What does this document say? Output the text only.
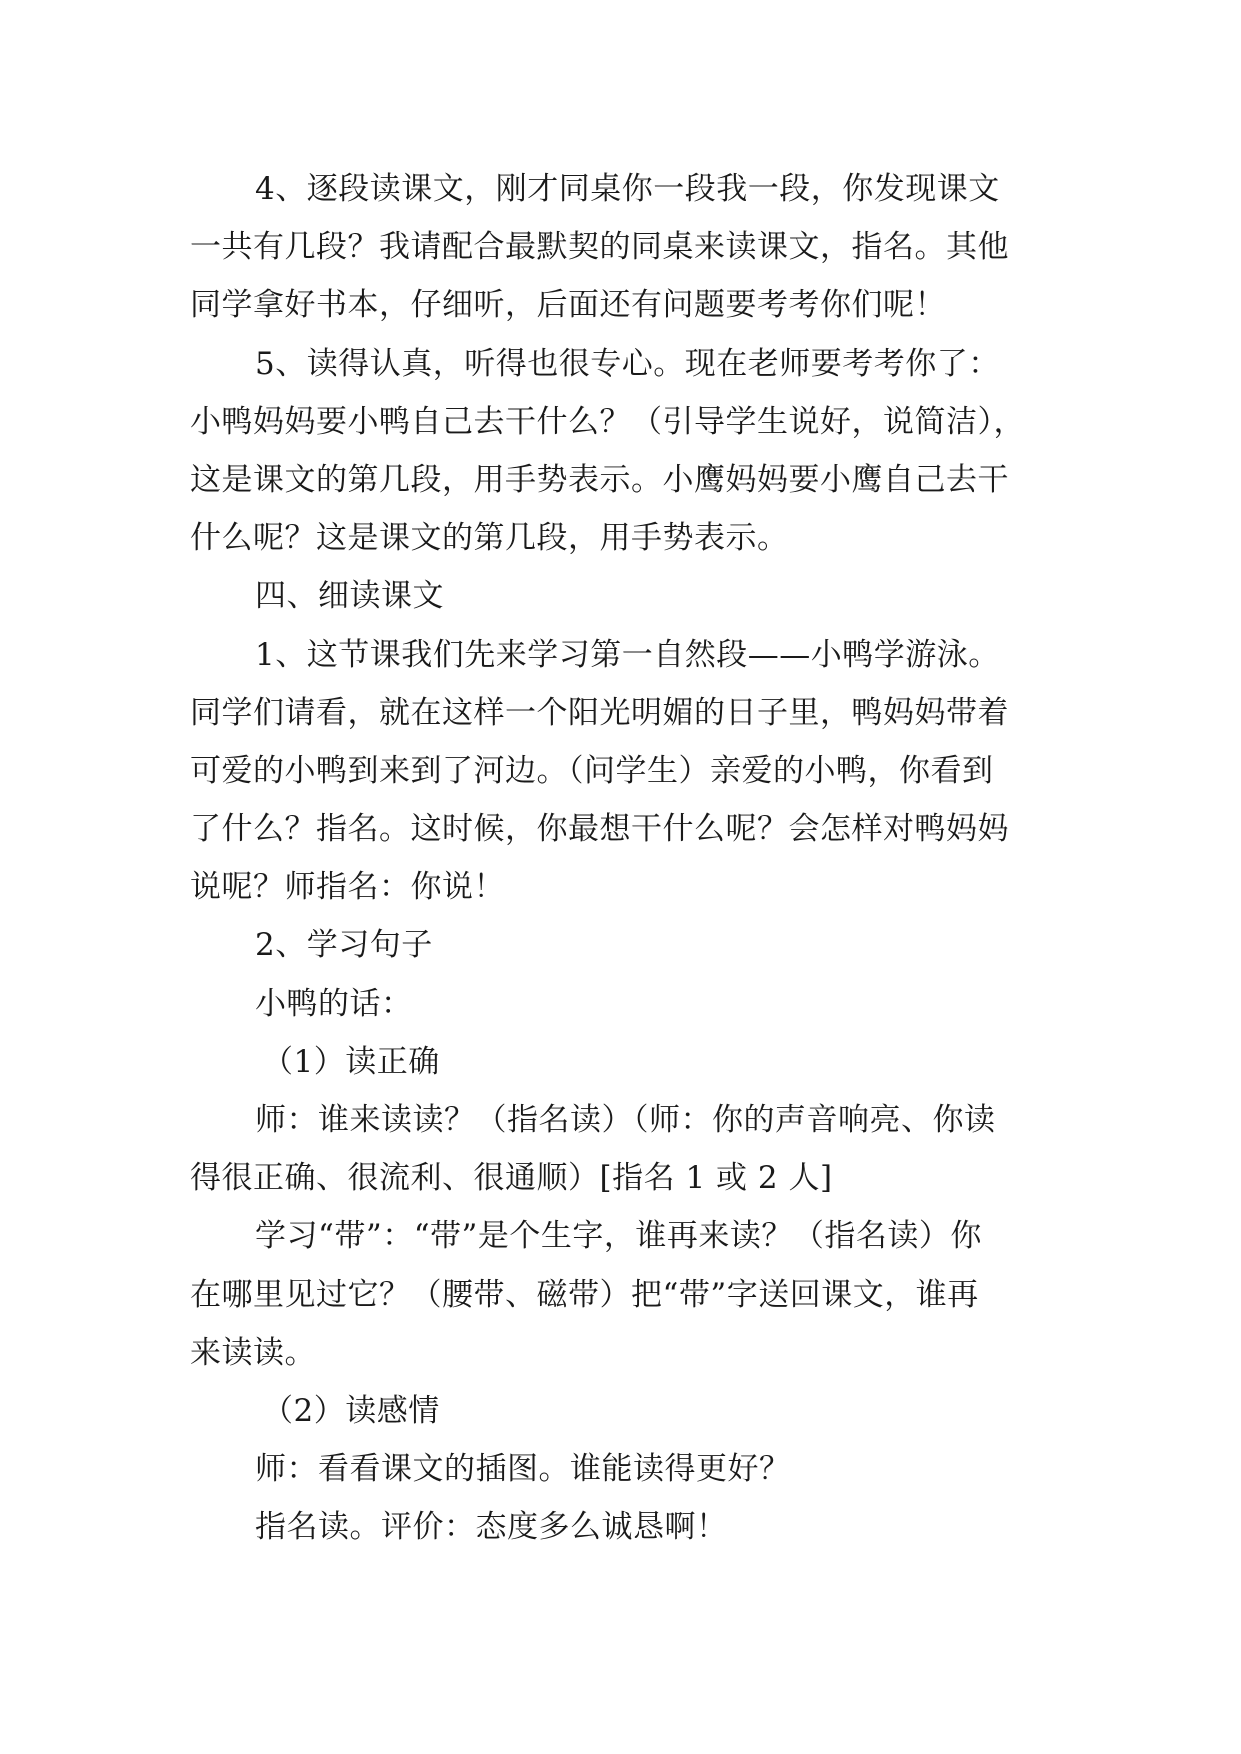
4、逐段读课文，刚才同桌你一段我一段，你发现课文
一共有几段？我请配合最默契的同桌来读课文，指名。其他
同学拿好书本，仔细听，后面还有问题要考考你们呢！
5、读得认真，听得也很专心。现在老师要考考你了：
小鸭妈妈要小鸭自己去干什么？（引导学生说好，说简洁），
这是课文的第几段，用手势表示。小鹰妈妈要小鹰自己去干
什么呢？这是课文的第几段，用手势表示。
四、细读课文
1、这节课我们先来学习第一自然段——小鸭学游泳。
同学们请看，就在这样一个阳光明媚的日子里，鸭妈妈带着
可爱的小鸭到来到了河边。（问学生）亲爱的小鸭，你看到
了什么？指名。这时候，你最想干什么呢？会怎样对鸭妈妈
说呢？师指名：你说！
2、学习句子
小鸭的话：
（1）读正确
师：谁来读读？（指名读）（师：你的声音响亮、你读
得很正确、很流利、很通顺）[指名 1 或 2 人]
学习“带”：“带”是个生字，谁再来读？（指名读）你
在哪里见过它？（腰带、磁带）把“带”字送回课文，谁再
来读读。
（2）读感情
师：看看课文的插图。谁能读得更好？
指名读。评价：态度多么诚恳啊！
